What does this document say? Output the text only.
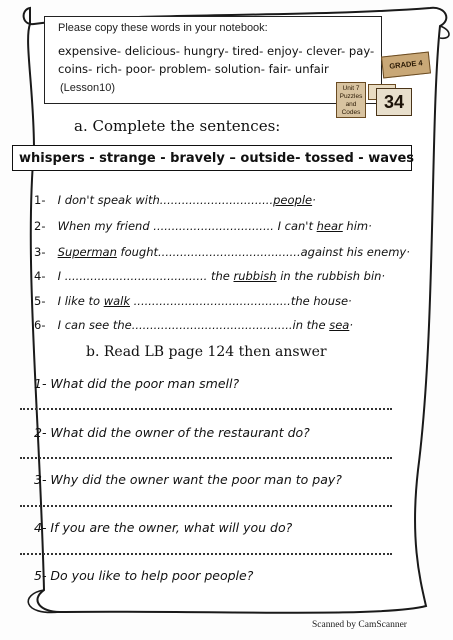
Please copy these words in your notebook:
expensive- delicious- hungry- tired- enjoy- clever- pay-
coins- rich- poor- problem- solution- fair- unfair
(Lesson10)
GRADE 4
Unit 7 Puzzles and Codes
34
a. Complete the sentences:
whispers - strange - bravely – outside- tossed - waves
1- I don't speak with...............................people·
2- When my friend ................................. I can't hear him·
3- Superman fought.......................................against his enemy·
4- I ....................................... the rubbish in the rubbish bin·
5- I like to walk ...........................................the house·
6- I can see the............................................in the sea·
b. Read LB page 124 then answer
1- What did the poor man smell?
2- What did the owner of the restaurant do?
3- Why did the owner want the poor man to pay?
4- If you are the owner, what will you do?
5- Do you like to help poor people?
Scanned by CamScanner
